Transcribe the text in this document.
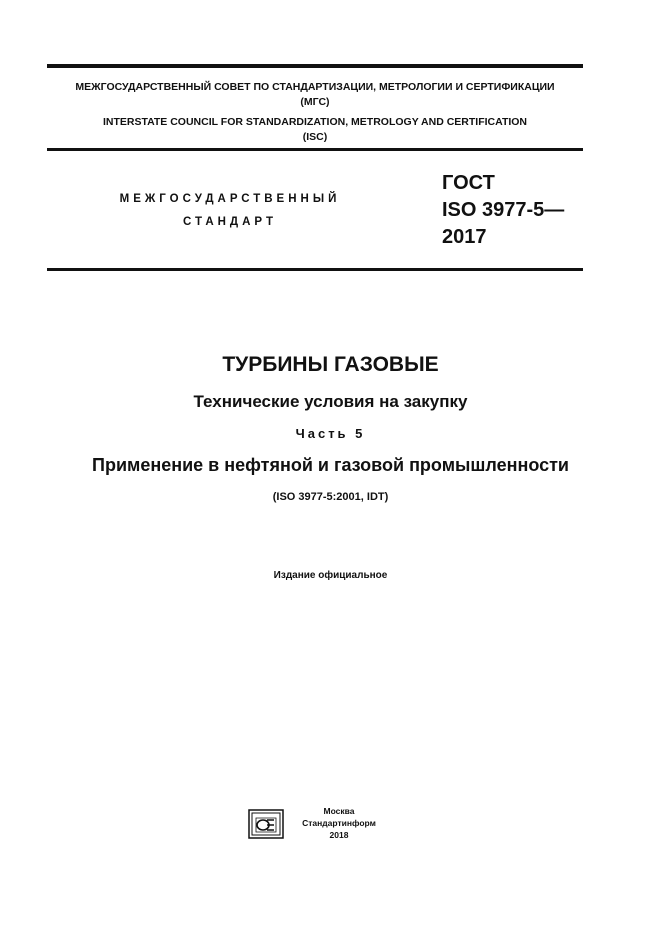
МЕЖГОСУДАРСТВЕННЫЙ СОВЕТ ПО СТАНДАРТИЗАЦИИ, МЕТРОЛОГИИ И СЕРТИФИКАЦИИ
(МГС)
INTERSTATE COUNCIL FOR STANDARDIZATION, METROLOGY AND CERTIFICATION
(ISC)
МЕЖГОСУДАРСТВЕННЫЙ
СТАНДАРТ
ГОСТ
ISO 3977-5—
2017
ТУРБИНЫ ГАЗОВЫЕ
Технические условия на закупку
Часть 5
Применение в нефтяной и газовой промышленности
(ISO 3977-5:2001, IDT)
Издание официальное
Москва
Стандартинформ
2018
